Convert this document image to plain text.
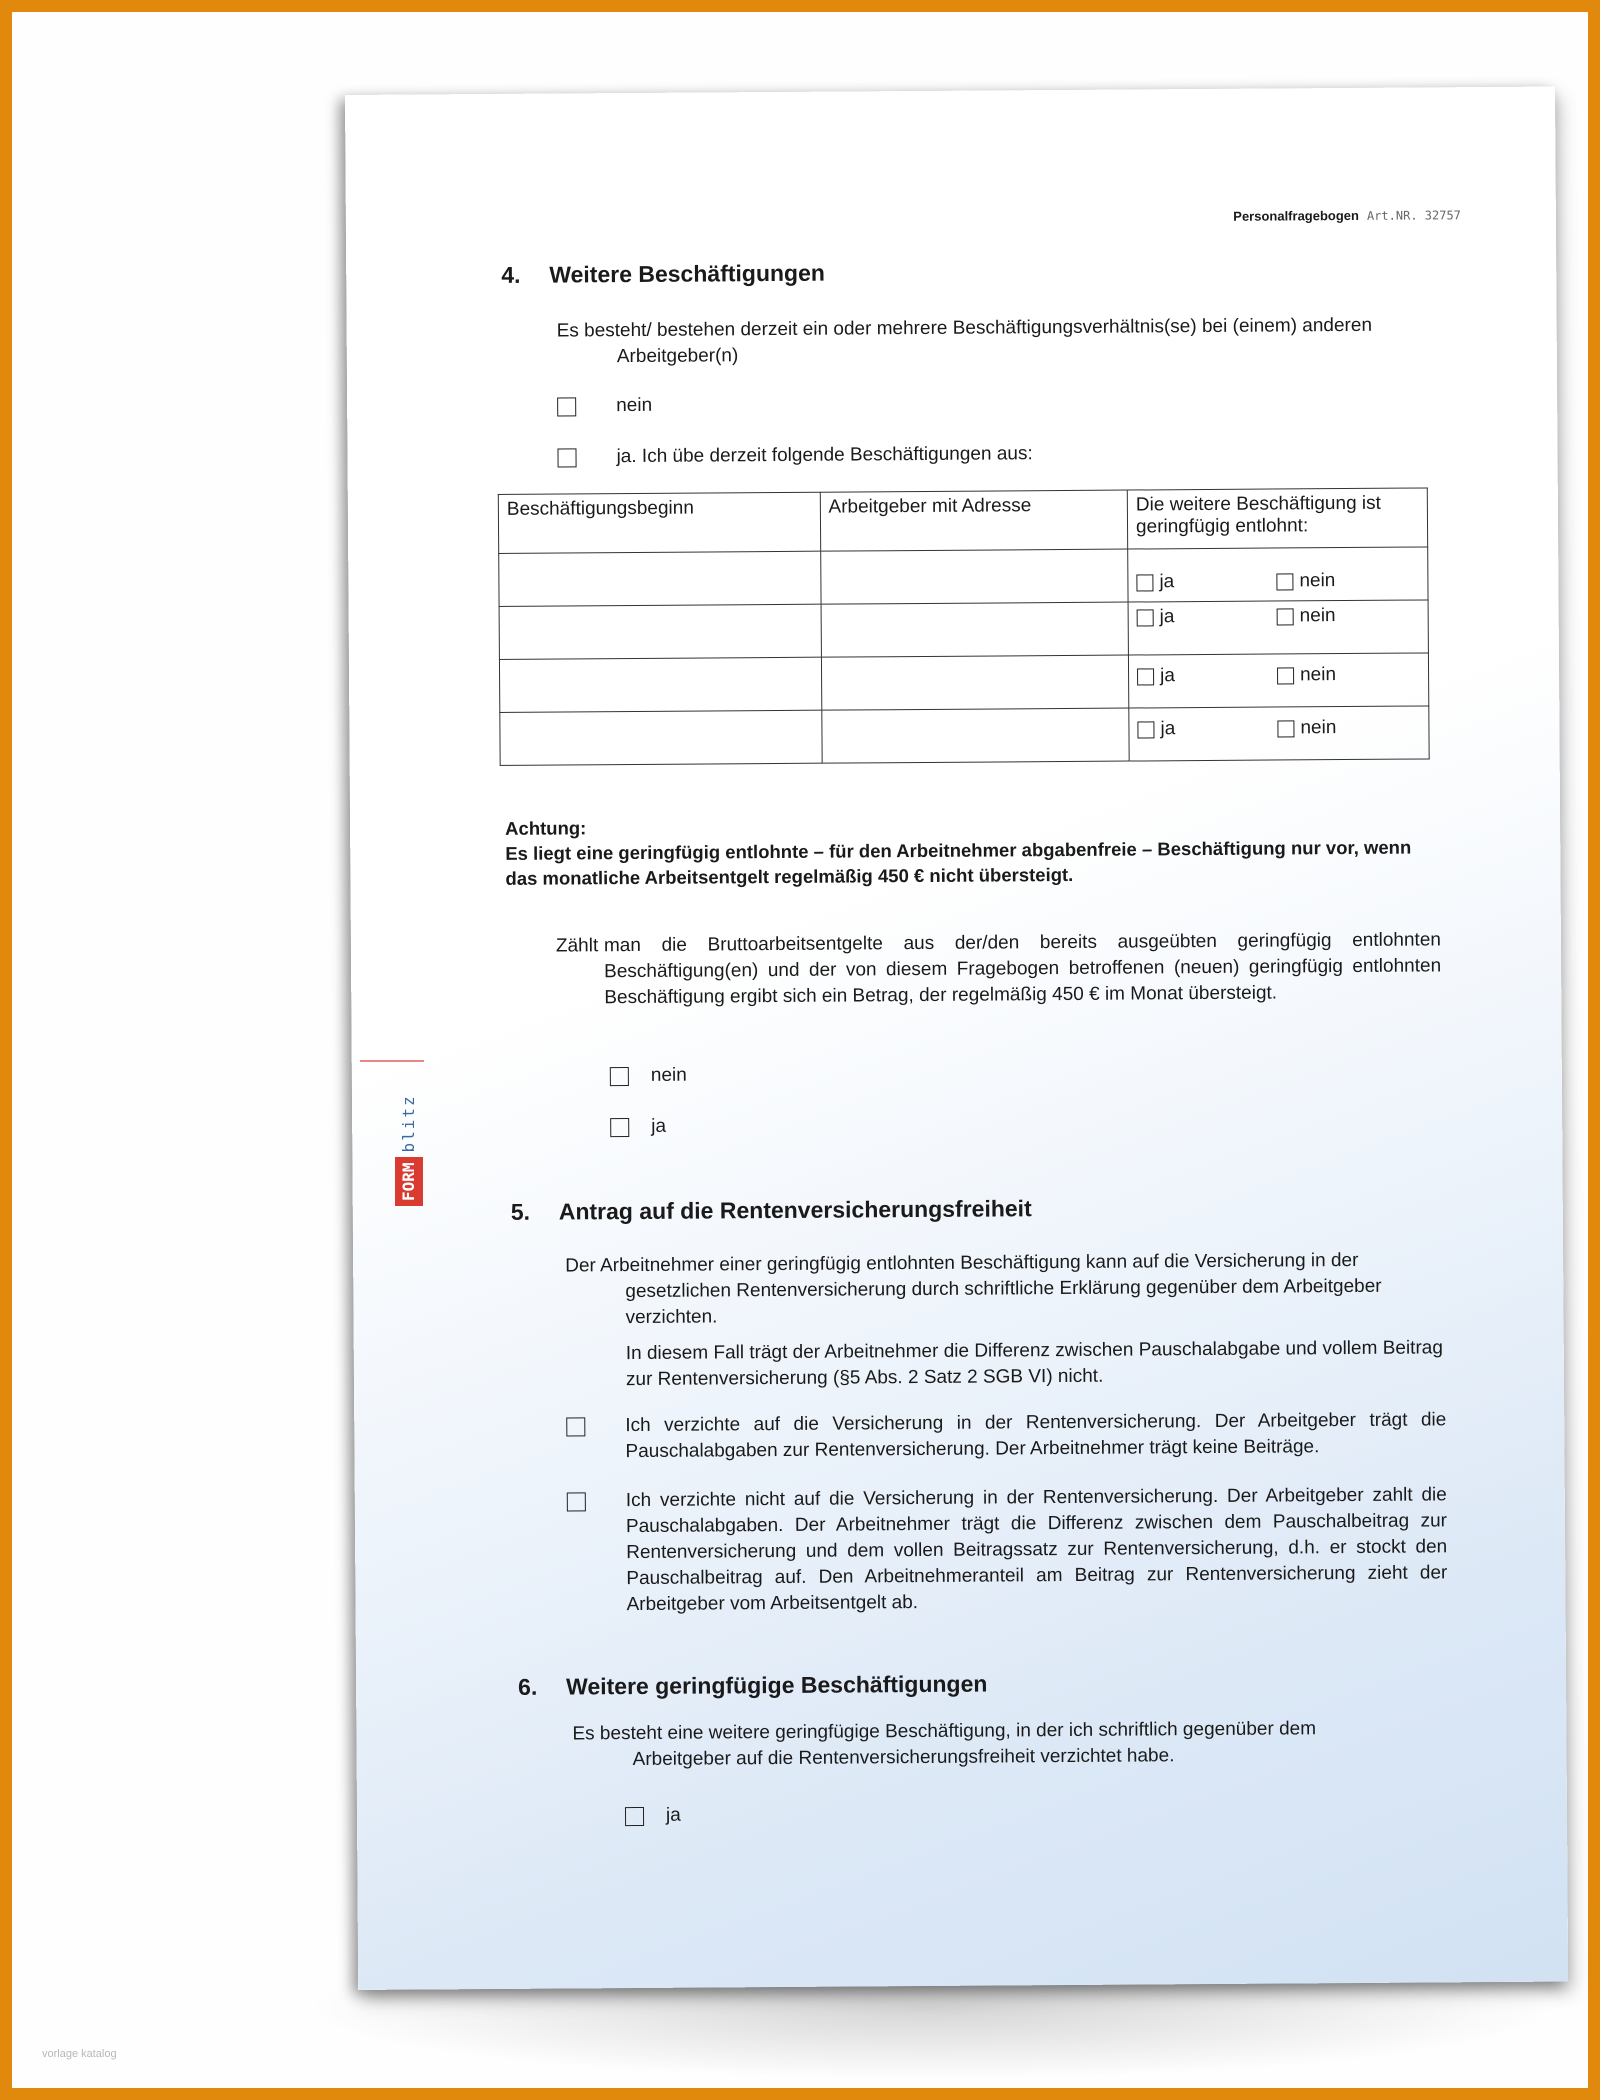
Personalfragebogen Art.NR. 32757
4. Weitere Beschäftigungen
Es besteht/ bestehen derzeit ein oder mehrere Beschäftigungsverhältnis(se) bei (einem) anderen
Arbeitgeber(n)
nein
ja. Ich übe derzeit folgende Beschäftigungen aus:
Beschäftigungsbeginn	Arbeitgeber mit Adresse	Die weitere Beschäftigung ist geringfügig entlohnt:

		ja nein

		ja nein

		ja nein

		ja nein
Achtung:
Es liegt eine geringfügig entlohnte – für den Arbeitnehmer abgabenfreie – Beschäftigung nur vor, wenn das monatliche Arbeitsentgelt regelmäßig 450 € nicht übersteigt.
Zählt man die Bruttoarbeitsentgelte aus der/den bereits ausgeübten geringfügig entlohnten Beschäftigung(en) und der von diesem Fragebogen betroffenen (neuen) geringfügig entlohnten Beschäftigung ergibt sich ein Betrag, der regelmäßig 450 € im Monat übersteigt.
nein
ja
5. Antrag auf die Rentenversicherungsfreiheit
Der Arbeitnehmer einer geringfügig entlohnten Beschäftigung kann auf die Versicherung in der
gesetzlichen Rentenversicherung durch schriftliche Erklärung gegenüber dem Arbeitgeber verzichten.
In diesem Fall trägt der Arbeitnehmer die Differenz zwischen Pauschalabgabe und vollem Beitrag zur Rentenversicherung (§5 Abs. 2 Satz 2 SGB VI) nicht.
Ich verzichte auf die Versicherung in der Rentenversicherung. Der Arbeitgeber trägt die Pauschalabgaben zur Rentenversicherung. Der Arbeitnehmer trägt keine Beiträge.
Ich verzichte nicht auf die Versicherung in der Rentenversicherung. Der Arbeitgeber zahlt die Pauschalabgaben. Der Arbeitnehmer trägt die Differenz zwischen dem Pauschalbeitrag zur Rentenversicherung und dem vollen Beitragssatz zur Rentenversicherung, d.h. er stockt den Pauschalbeitrag auf. Den Arbeitnehmeranteil am Beitrag zur Rentenversicherung zieht der Arbeitgeber vom Arbeitsentgelt ab.
6. Weitere geringfügige Beschäftigungen
Es besteht eine weitere geringfügige Beschäftigung, in der ich schriftlich gegenüber dem
Arbeitgeber auf die Rentenversicherungsfreiheit verzichtet habe.
ja
FORM
blitz
vorlage katalog
